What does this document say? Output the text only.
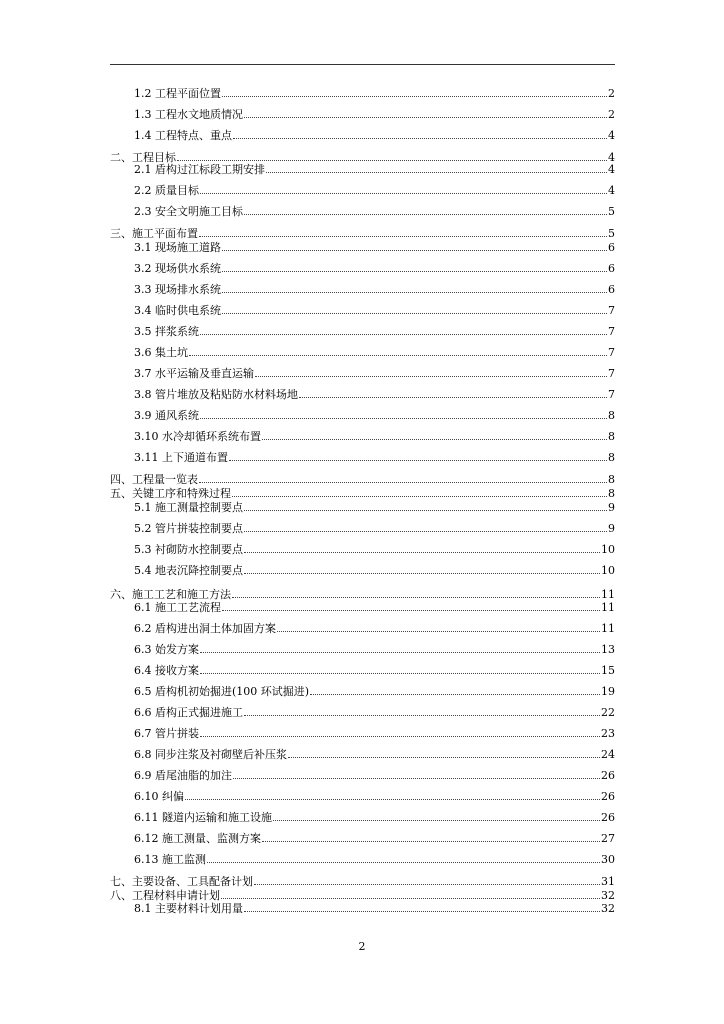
1.2 工程平面位置	2
1.3 工程水文地质情况	2
1.4 工程特点、重点	4
二、工程目标	4
2.1 盾构过江标段工期安排	4
2.2 质量目标	4
2.3 安全文明施工目标	5
三、施工平面布置	5
3.1 现场施工道路	6
3.2 现场供水系统	6
3.3 现场排水系统	6
3.4 临时供电系统	7
3.5 拌浆系统	7
3.6 集土坑	7
3.7 水平运输及垂直运输	7
3.8 管片堆放及粘贴防水材料场地	7
3.9 通风系统	8
3.10 水冷却循环系统布置	8
3.11 上下通道布置	8
四、工程量一览表	8
五、关键工序和特殊过程	8
5.1 施工测量控制要点	9
5.2 管片拼装控制要点	9
5.3 衬砌防水控制要点	10
5.4 地表沉降控制要点	10
六、施工工艺和施工方法	11
6.1 施工工艺流程	11
6.2 盾构进出洞土体加固方案	11
6.3 始发方案	13
6.4 接收方案	15
6.5 盾构机初始掘进(100 环试掘进)	19
6.6 盾构正式掘进施工	22
6.7 管片拼装	23
6.8 同步注浆及衬砌壁后补压浆	24
6.9 盾尾油脂的加注	26
6.10 纠偏	26
6.11 隧道内运输和施工设施	26
6.12 施工测量、监测方案	27
6.13 施工监测	30
七、主要设备、工具配备计划	31
八、工程材料申请计划	32
8.1 主要材料计划用量	32
2
